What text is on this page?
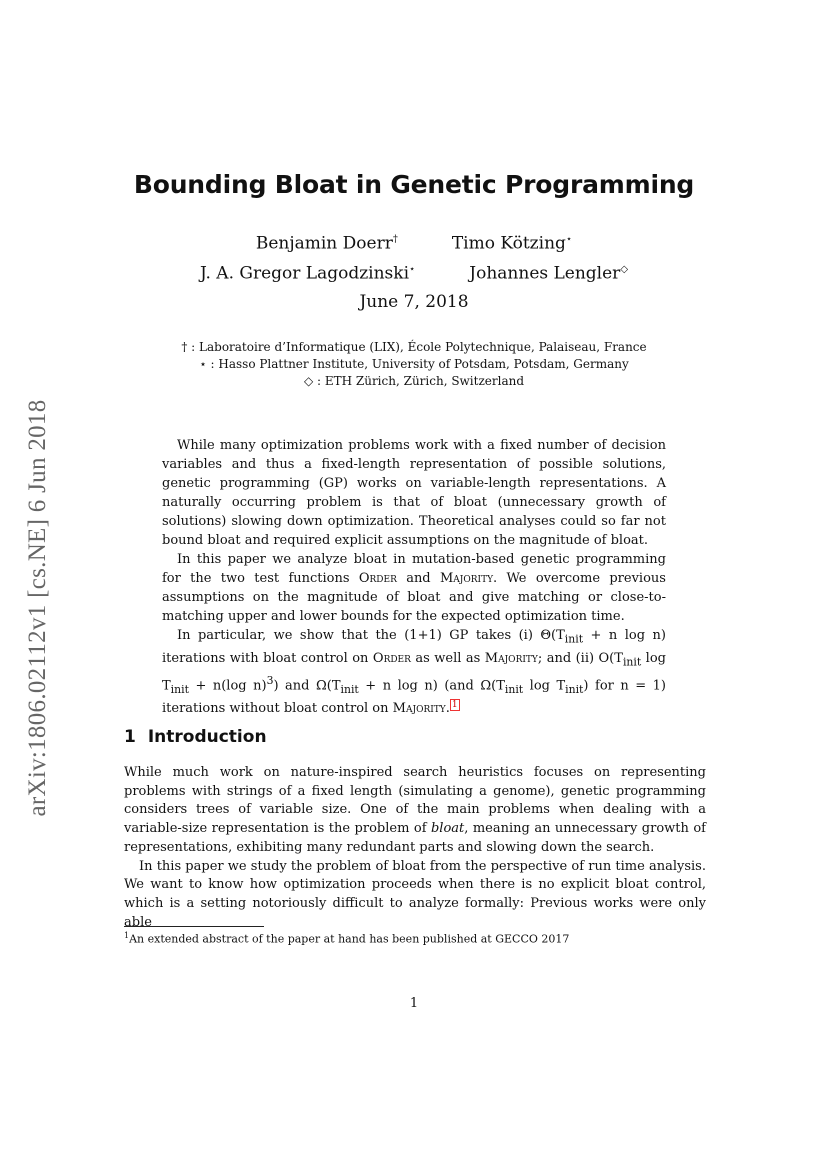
arXiv:1806.02112v1 [cs.NE] 6 Jun 2018
Bounding Bloat in Genetic Programming
Benjamin Doerr†	Timo Kötzing⋆
J. A. Gregor Lagodzinski⋆	Johannes Lengler◇
June 7, 2018
† : Laboratoire d’Informatique (LIX), École Polytechnique, Palaiseau, France
⋆ : Hasso Plattner Institute, University of Potsdam, Potsdam, Germany
◇ : ETH Zürich, Zürich, Switzerland

While many optimization problems work with a fixed number of decision variables and thus a fixed-length representation of possible solutions, genetic programming (GP) works on variable-length representations. A naturally occurring problem is that of bloat (unnecessary growth of solutions) slowing down optimization. Theoretical analyses could so far not bound bloat and required explicit assumptions on the magnitude of bloat.

In this paper we analyze bloat in mutation-based genetic programming for the two test functions Order and Majority. We overcome previous assumptions on the magnitude of bloat and give matching or close-to-matching upper and lower bounds for the expected optimization time.

In particular, we show that the (1+1) GP takes (i) $\Theta(T_{init} + n$ log n) iterations with bloat control on Order as well as Majority; and (ii) $O(T_{init}$ $\log T_{init} + n(\log$ n)$^3$) and $\Omega(T_{init} + n$ log n) (and $\Omega(T_{init}$ $\log T_{init}$) for n = 1) iterations without bloat control on Majority. $^1$

1 Introduction

While much work on nature-inspired search heuristics focuses on representing problems with strings of a fixed length (simulating a genome), genetic programming considers trees of variable size. One of the main problems when dealing with a variable-size representation is the problem of bloat, meaning an unnecessary growth of representations, exhibiting many redundant parts and slowing down the search.

In this paper we study the problem of bloat from the perspective of run time analysis. We want to know how optimization proceeds when there is no explicit bloat control, which is a setting notoriously difficult to analyze formally: Previous works were only able

$^1$An extended abstract of the paper at hand has been published at GECCO 2017
1
